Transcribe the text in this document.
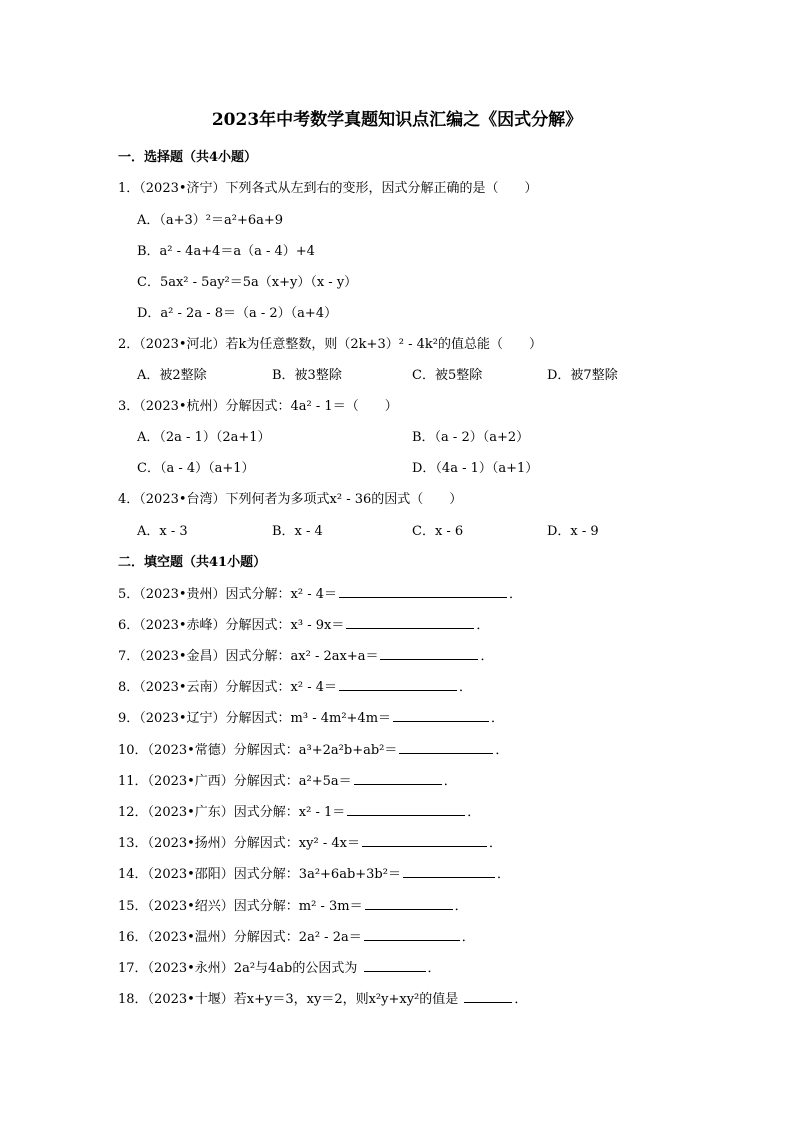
2023年中考数学真题知识点汇编之《因式分解》
一．选择题（共4小题）
1．（2023•济宁）下列各式从左到右的变形，因式分解正确的是（　　）
A．（a+3）²＝a²+6a+9
B．a² - 4a+4＝a（a - 4）+4
C．5ax² - 5ay²＝5a（x+y）（x - y）
D．a² - 2a - 8＝（a - 2）（a+4）
2．（2023•河北）若k为任意整数，则（2k+3）² - 4k²的值总能（　　）
A．被2整除	B．被3整除	C．被5整除	D．被7整除
3．（2023•杭州）分解因式：4a² - 1＝（　　）
A．（2a - 1）（2a+1）	B．（a - 2）（a+2）
C．（a - 4）（a+1）	D．（4a - 1）（a+1）
4．（2023•台湾）下列何者为多项式x² - 36的因式（　　）
A．x - 3	B．x - 4	C．x - 6	D．x - 9
二．填空题（共41小题）
5．（2023•贵州）因式分解：x² - 4＝	．
6．（2023•赤峰）分解因式：x³ - 9x＝	．
7．（2023•金昌）因式分解：ax² - 2ax+a＝	．
8．（2023•云南）分解因式：x² - 4＝	．
9．（2023•辽宁）分解因式：m³ - 4m²+4m＝	．
10．（2023•常德）分解因式：a³+2a²b+ab²＝	．
11．（2023•广西）分解因式：a²+5a＝	．
12．（2023•广东）因式分解：x² - 1＝	．
13．（2023•扬州）分解因式：xy² - 4x＝	．
14．（2023•邵阳）因式分解：3a²+6ab+3b²＝	．
15．（2023•绍兴）因式分解：m² - 3m＝	．
16．（2023•温州）分解因式：2a² - 2a＝	．
17．（2023•永州）2a²与4ab的公因式为	．
18．（2023•十堰）若x+y＝3，xy＝2，则x²y+xy²的值是	．
